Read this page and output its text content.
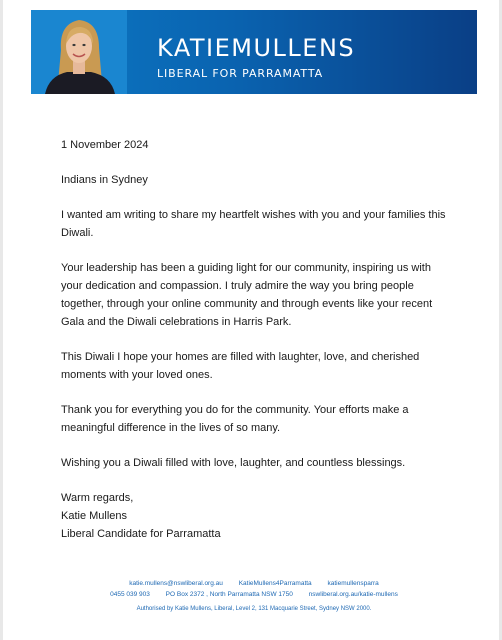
KATIEMULLENS
LIBERAL FOR PARRAMATTA

1 November 2024

Indians in Sydney

I wanted am writing to share my heartfelt wishes with you and your families this Diwali.

Your leadership has been a guiding light for our community, inspiring us with your dedication and compassion. I truly admire the way you bring people together, through your online community and through events like your recent Gala and the Diwali celebrations in Harris Park.

This Diwali I hope your homes are filled with laughter, love, and cherished moments with your loved ones.

Thank you for everything you do for the community. Your efforts make a meaningful difference in the lives of so many.

Wishing you a Diwali filled with love, laughter, and countless blessings.

Warm regards,
Katie Mullens
Liberal Candidate for Parramatta
katie.mullens@nswliberal.org.au KatieMullens4Parramatta katiemullensparra
0455 039 903 PO Box 2372 , North Parramatta NSW 1750 nswliberal.org.au/katie-mullens
Authorised by Katie Mullens, Liberal, Level 2, 131 Macquarie Street, Sydney NSW 2000.
